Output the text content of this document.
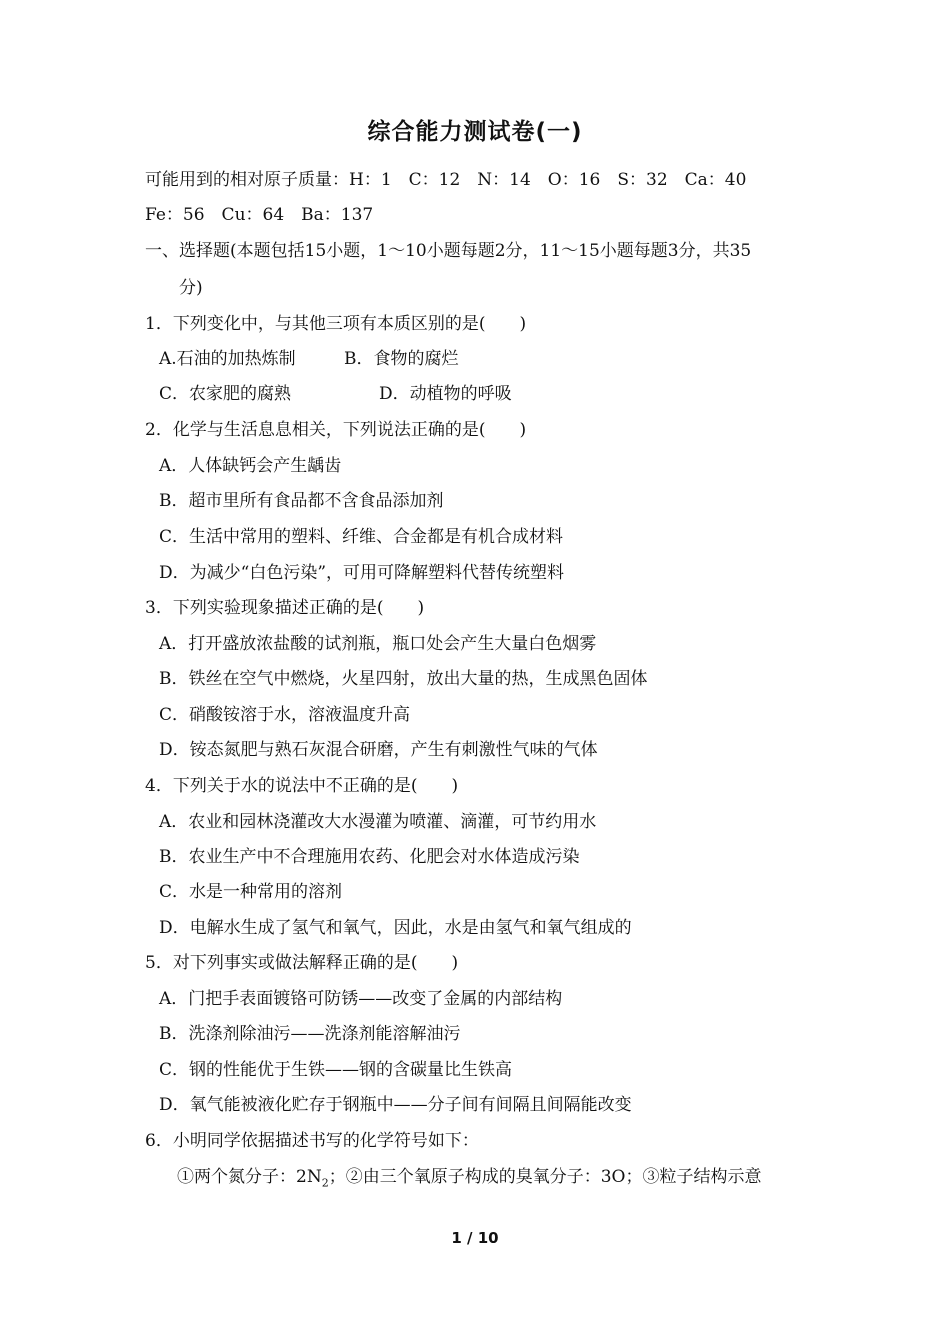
综合能力测试卷(一)
可能用到的相对原子质量：H：1　C：12　N：14　O：16　S：32　Ca：40
Fe：56　Cu：64　Ba：137
一、选择题(本题包括15小题，1～10小题每题2分，11～15小题每题3分，共35
分)
1．下列变化中，与其他三项有本质区别的是(　　)
A.石油的加热炼制	B．食物的腐烂
C．农家肥的腐熟	D．动植物的呼吸
2．化学与生活息息相关，下列说法正确的是(　　)
A．人体缺钙会产生龋齿
B．超市里所有食品都不含食品添加剂
C．生活中常用的塑料、纤维、合金都是有机合成材料
D．为减少“白色污染”，可用可降解塑料代替传统塑料
3．下列实验现象描述正确的是(　　)
A．打开盛放浓盐酸的试剂瓶，瓶口处会产生大量白色烟雾
B．铁丝在空气中燃烧，火星四射，放出大量的热，生成黑色固体
C．硝酸铵溶于水，溶液温度升高
D．铵态氮肥与熟石灰混合研磨，产生有刺激性气味的气体
4．下列关于水的说法中不正确的是(　　)
A．农业和园林浇灌改大水漫灌为喷灌、滴灌，可节约用水
B．农业生产中不合理施用农药、化肥会对水体造成污染
C．水是一种常用的溶剂
D．电解水生成了氢气和氧气，因此，水是由氢气和氧气组成的
5．对下列事实或做法解释正确的是(　　)
A．门把手表面镀铬可防锈——改变了金属的内部结构
B．洗涤剂除油污——洗涤剂能溶解油污
C．钢的性能优于生铁——钢的含碳量比生铁高
D．氧气能被液化贮存于钢瓶中——分子间有间隔且间隔能改变
6．小明同学依据描述书写的化学符号如下：
①两个氮分子：$2N_2$；②由三个氧原子构成的臭氧分子：3O；③粒子结构示意
1 / 10
